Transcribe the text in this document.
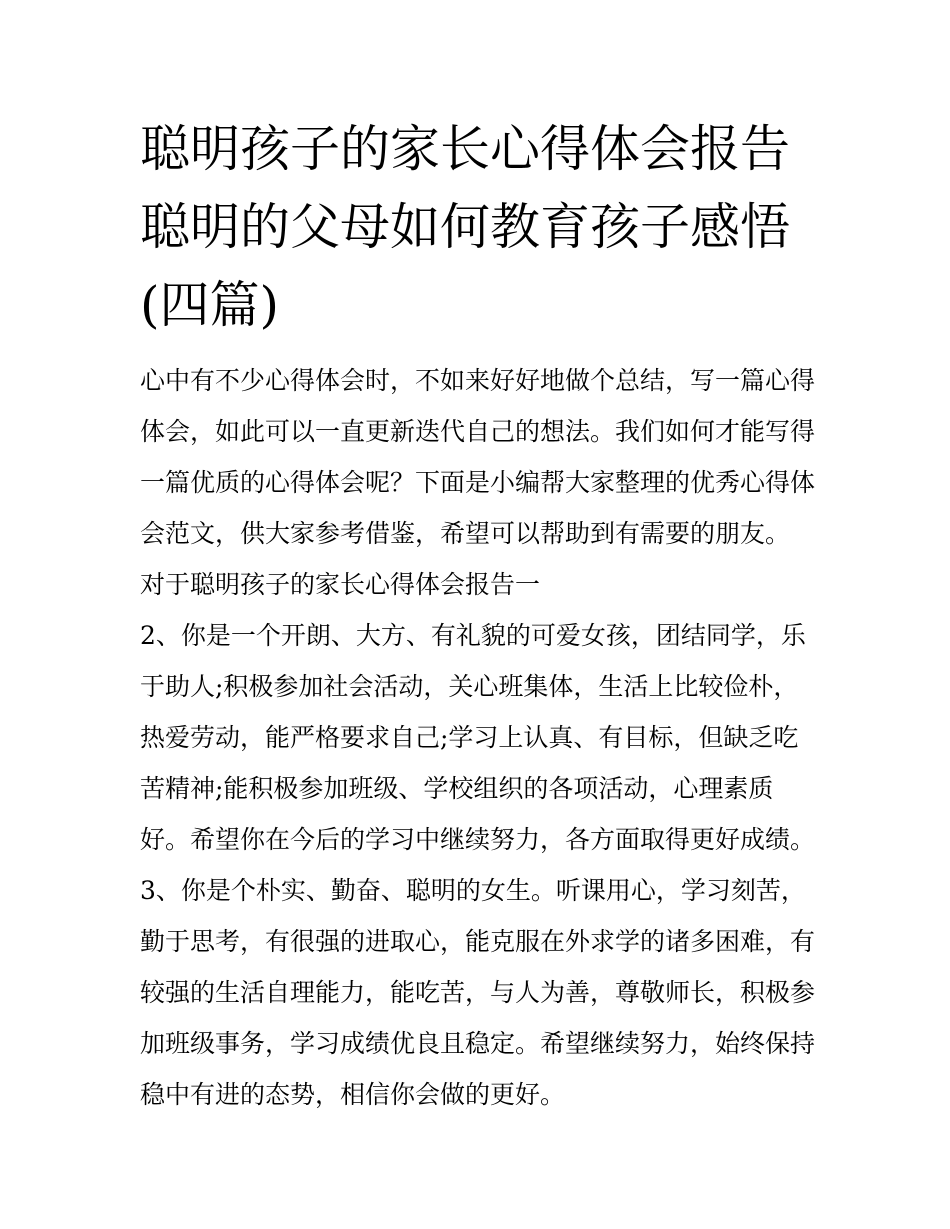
聪明孩子的家长心得体会报告
聪明的父母如何教育孩子感悟
(四篇)
心中有不少心得体会时，不如来好好地做个总结，写一篇心得
体会，如此可以一直更新迭代自己的想法。我们如何才能写得
一篇优质的心得体会呢？下面是小编帮大家整理的优秀心得体
会范文，供大家参考借鉴，希望可以帮助到有需要的朋友。
对于聪明孩子的家长心得体会报告一
2、你是一个开朗、大方、有礼貌的可爱女孩，团结同学，乐
于助人;积极参加社会活动，关心班集体，生活上比较俭朴，
热爱劳动，能严格要求自己;学习上认真、有目标，但缺乏吃
苦精神;能积极参加班级、学校组织的各项活动，心理素质
好。希望你在今后的学习中继续努力，各方面取得更好成绩。
3、你是个朴实、勤奋、聪明的女生。听课用心，学习刻苦，
勤于思考，有很强的进取心，能克服在外求学的诸多困难，有
较强的生活自理能力，能吃苦，与人为善，尊敬师长，积极参
加班级事务，学习成绩优良且稳定。希望继续努力，始终保持
稳中有进的态势，相信你会做的更好。
